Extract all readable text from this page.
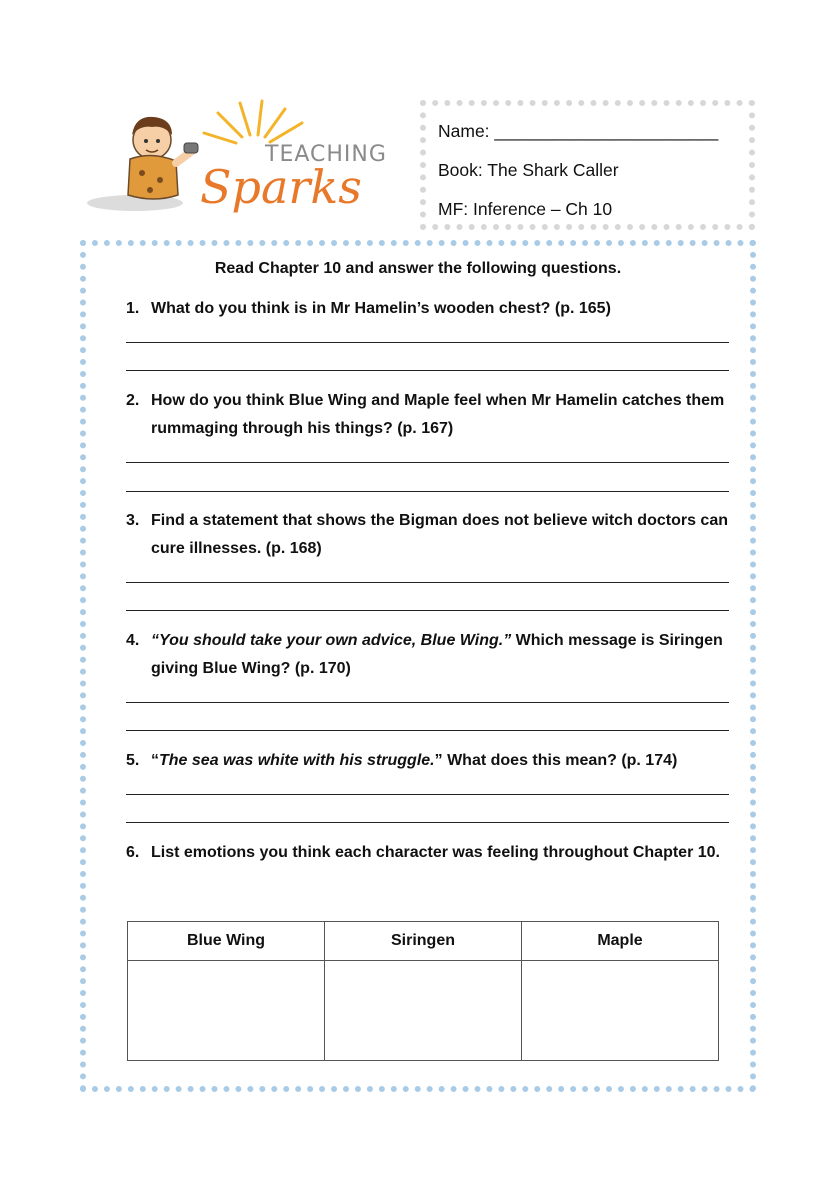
TEACHING
Sparks
Name: _______________________
Book: The Shark Caller
MF: Inference – Ch 10
Read Chapter 10 and answer the following questions.
1. What do you think is in Mr Hamelin’s wooden chest? (p. 165)
2. How do you think Blue Wing and Maple feel when Mr Hamelin catches them rummaging through his things? (p. 167)
3. Find a statement that shows the Bigman does not believe witch doctors can cure illnesses. (p. 168)
4. “You should take your own advice, Blue Wing.” Which message is Siringen giving Blue Wing? (p. 170)
5. “The sea was white with his struggle.” What does this mean? (p. 174)
6. List emotions you think each character was feeling throughout Chapter 10.
Blue Wing	Siringen	Maple
